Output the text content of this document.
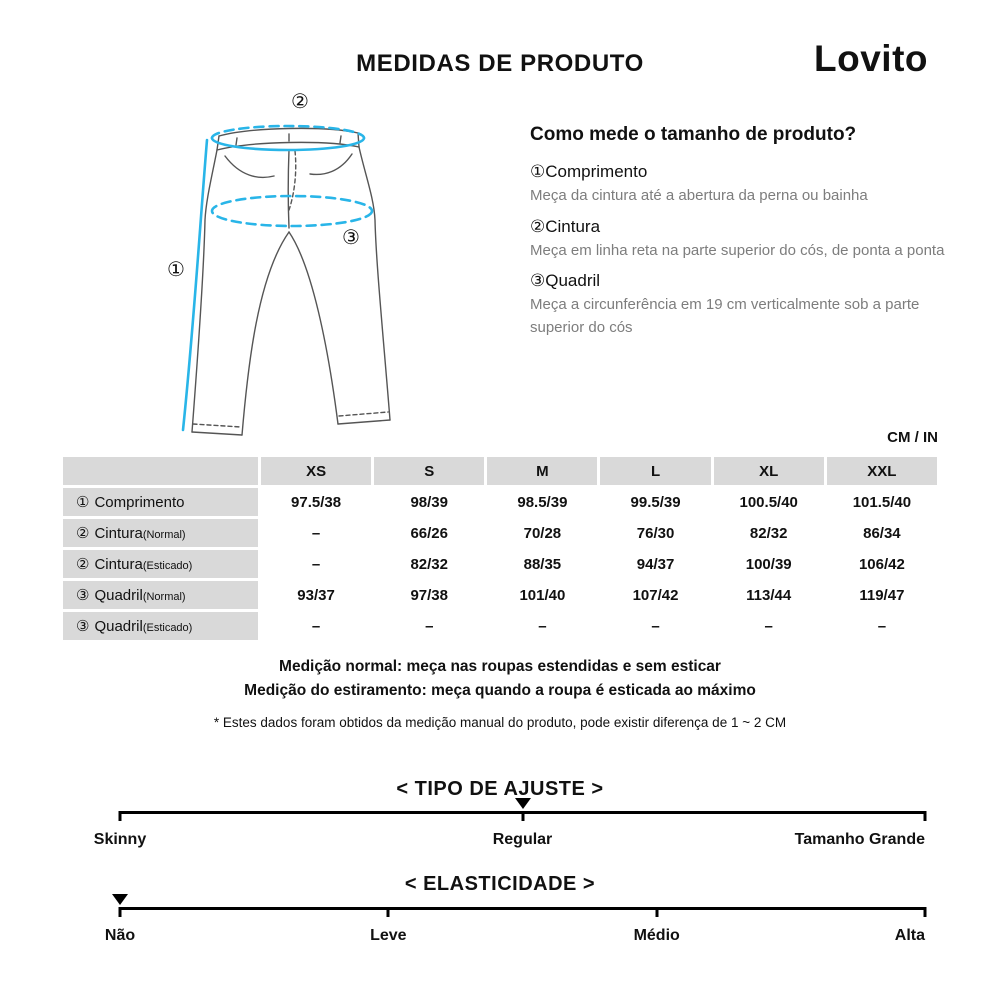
MEDIDAS DE PRODUTO	Lovito
①
②
③
Como mede o tamanho de produto?
①Comprimento
Meça da cintura até a abertura da perna ou bainha
②Cintura
Meça em linha reta na parte superior do cós, de ponta a ponta
③Quadril
Meça a circunferência em 19 cm verticalmente sob a parte superior do cós
CM / IN
	XS	S	M	L	XL	XXL
① Comprimento	97.5/38	98/39	98.5/39	99.5/39	100.5/40	101.5/40
② Cintura(Normal)	–	66/26	70/28	76/30	82/32	86/34
② Cintura(Esticado)	–	82/32	88/35	94/37	100/39	106/42
③ Quadril(Normal)	93/37	97/38	101/40	107/42	113/44	119/47
③ Quadril(Esticado)	–	–	–	–	–	–
Medição normal: meça nas roupas estendidas e sem esticar
Medição do estiramento: meça quando a roupa é esticada ao máximo
* Estes dados foram obtidos da medição manual do produto, pode existir diferença de 1 ~ 2 CM
< TIPO DE AJUSTE >
Skinny	Regular	Tamanho Grande
< ELASTICIDADE >
Não	Leve	Médio	Alta
